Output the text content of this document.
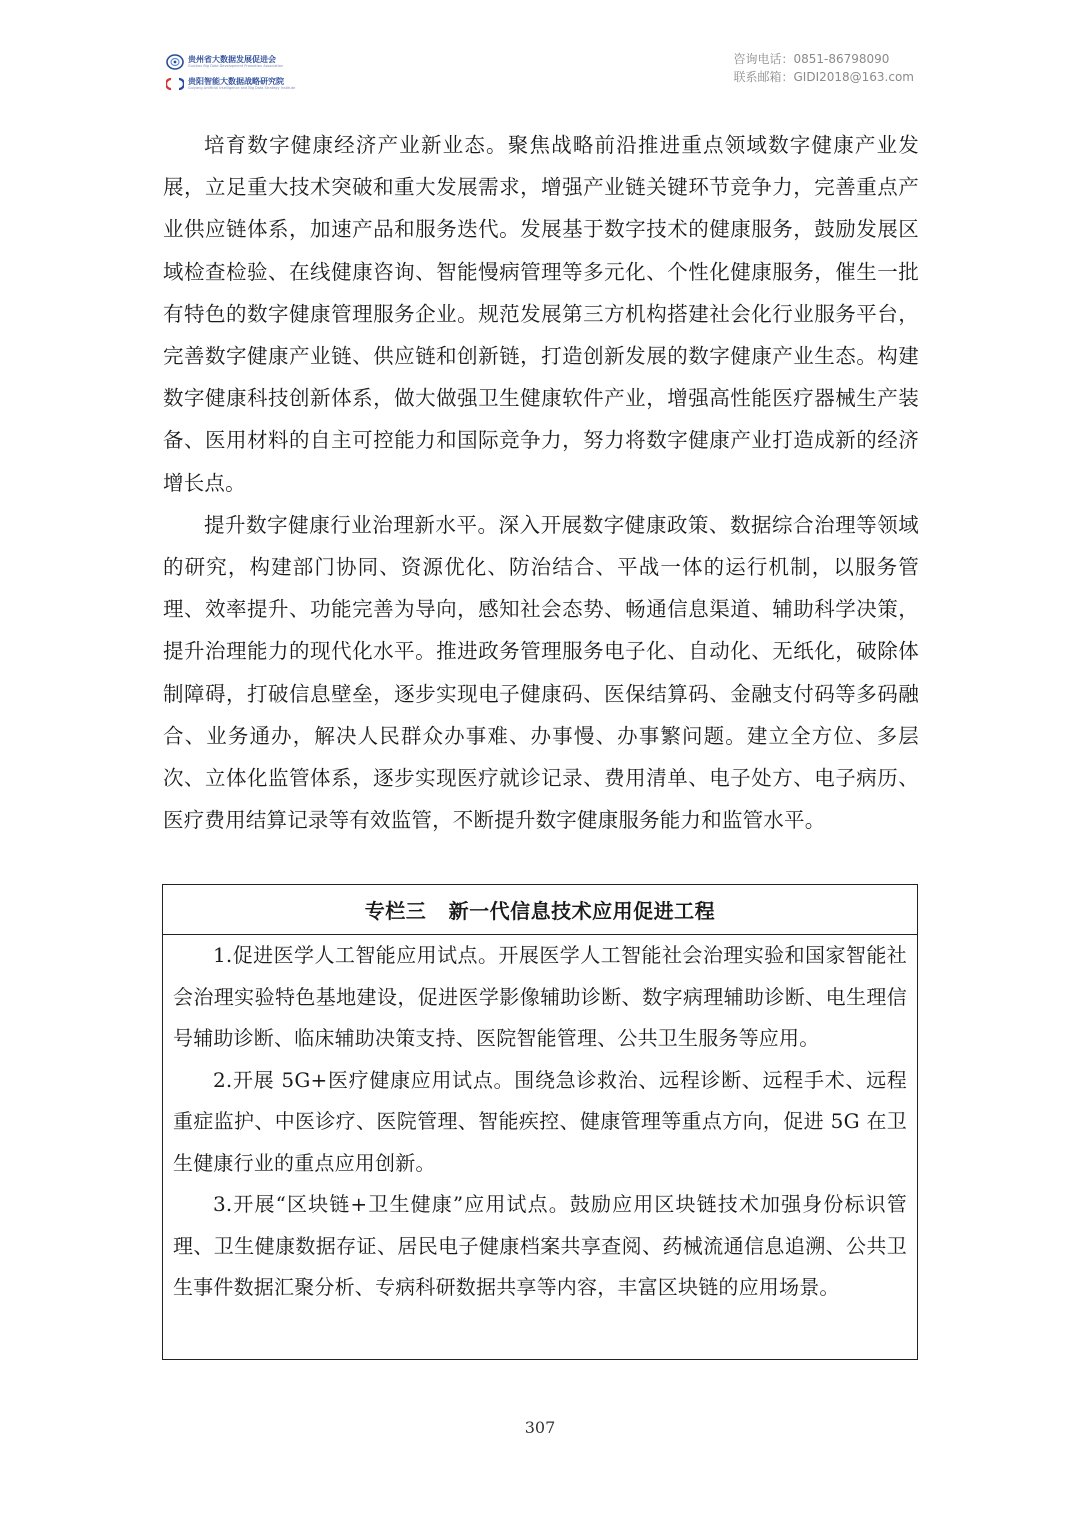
贵州省大数据发展促进会
Guizhou Big Data Development Promotion Association
贵阳智能大数据战略研究院
Guiyang Artificial Intelligence and Big Data Strategy Institute
咨询电话：0851-86798090
联系邮箱：GIDI2018@163.com

培育数字健康经济产业新业态。聚焦战略前沿推进重点领域数字健康产业发展，立足重大技术突破和重大发展需求，增强产业链关键环节竞争力，完善重点产业供应链体系，加速产品和服务迭代。发展基于数字技术的健康服务，鼓励发展区域检查检验、在线健康咨询、智能慢病管理等多元化、个性化健康服务，催生一批有特色的数字健康管理服务企业。规范发展第三方机构搭建社会化行业服务平台，完善数字健康产业链、供应链和创新链，打造创新发展的数字健康产业生态。构建数字健康科技创新体系，做大做强卫生健康软件产业，增强高性能医疗器械生产装备、医用材料的自主可控能力和国际竞争力，努力将数字健康产业打造成新的经济增长点。

提升数字健康行业治理新水平。深入开展数字健康政策、数据综合治理等领域的研究，构建部门协同、资源优化、防治结合、平战一体的运行机制，以服务管理、效率提升、功能完善为导向，感知社会态势、畅通信息渠道、辅助科学决策，提升治理能力的现代化水平。推进政务管理服务电子化、自动化、无纸化，破除体制障碍，打破信息壁垒，逐步实现电子健康码、医保结算码、金融支付码等多码融合、业务通办，解决人民群众办事难、办事慢、办事繁问题。建立全方位、多层次、立体化监管体系，逐步实现医疗就诊记录、费用清单、电子处方、电子病历、医疗费用结算记录等有效监管，不断提升数字健康服务能力和监管水平。

专栏三   新一代信息技术应用促进工程

1.促进医学人工智能应用试点。开展医学人工智能社会治理实验和国家智能社会治理实验特色基地建设，促进医学影像辅助诊断、数字病理辅助诊断、电生理信号辅助诊断、临床辅助决策支持、医院智能管理、公共卫生服务等应用。

2.开展 5G+医疗健康应用试点。围绕急诊救治、远程诊断、远程手术、远程重症监护、中医诊疗、医院管理、智能疾控、健康管理等重点方向，促进 5G 在卫生健康行业的重点应用创新。

3.开展“区块链+卫生健康”应用试点。鼓励应用区块链技术加强身份标识管理、卫生健康数据存证、居民电子健康档案共享查阅、药械流通信息追溯、公共卫生事件数据汇聚分析、专病科研数据共享等内容，丰富区块链的应用场景。

307
